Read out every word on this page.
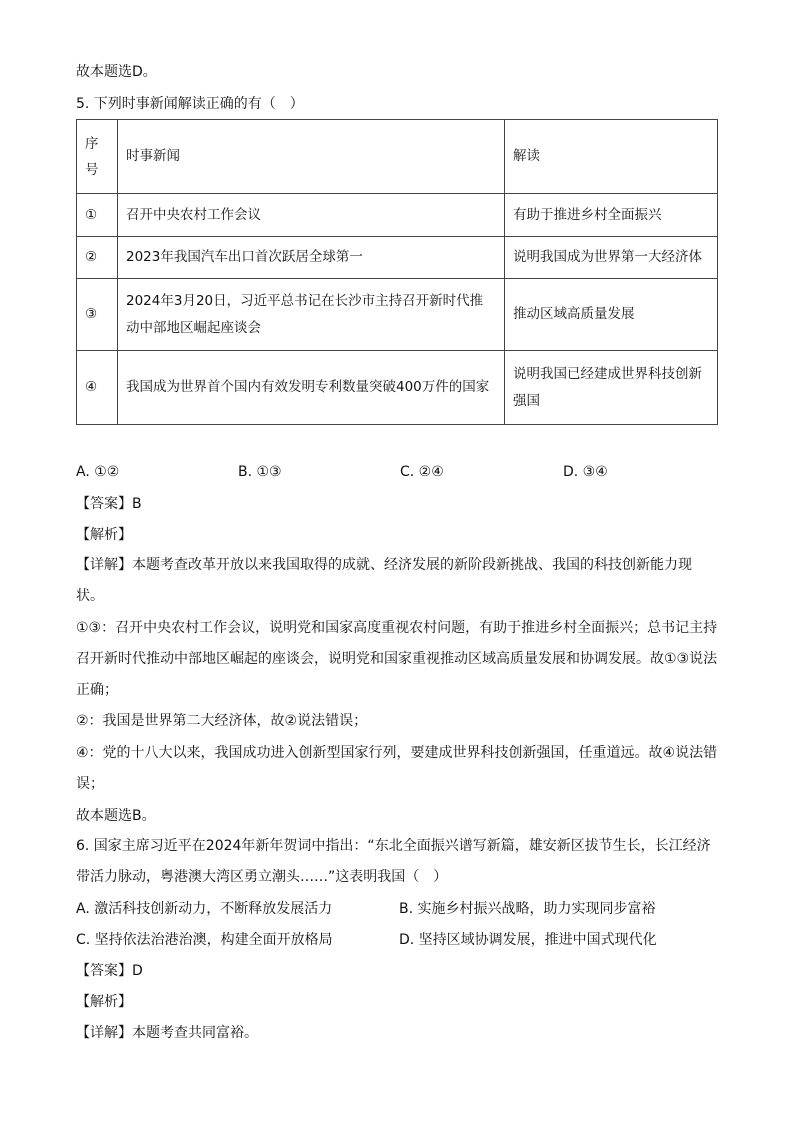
故本题选D。
5. 下列时事新闻解读正确的有（　）
序号	时事新闻	解读
①	召开中央农村工作会议	有助于推进乡村全面振兴
②	2023年我国汽车出口首次跃居全球第一	说明我国成为世界第一大经济体
③	2024年3月20日，习近平总书记在长沙市主持召开新时代推动中部地区崛起座谈会	推动区域高质量发展
④	我国成为世界首个国内有效发明专利数量突破400万件的国家	说明我国已经建成世界科技创新强国
A. ①②	B. ①③	C. ②④	D. ③④
【答案】B
【解析】
【详解】本题考查改革开放以来我国取得的成就、经济发展的新阶段新挑战、我国的科技创新能力现状。
①③：召开中央农村工作会议，说明党和国家高度重视农村问题，有助于推进乡村全面振兴；总书记主持召开新时代推动中部地区崛起的座谈会，说明党和国家重视推动区域高质量发展和协调发展。故①③说法正确；
②：我国是世界第二大经济体，故②说法错误；
④：党的十八大以来，我国成功进入创新型国家行列，要建成世界科技创新强国，任重道远。故④说法错误；
故本题选B。
6. 国家主席习近平在2024年新年贺词中指出：“东北全面振兴谱写新篇，雄安新区拔节生长，长江经济带活力脉动，粤港澳大湾区勇立潮头……”这表明我国（　）
A. 激活科技创新动力，不断释放发展活力	B. 实施乡村振兴战略，助力实现同步富裕
C. 坚持依法治港治澳，构建全面开放格局	D. 坚持区域协调发展，推进中国式现代化
【答案】D
【解析】
【详解】本题考查共同富裕。
